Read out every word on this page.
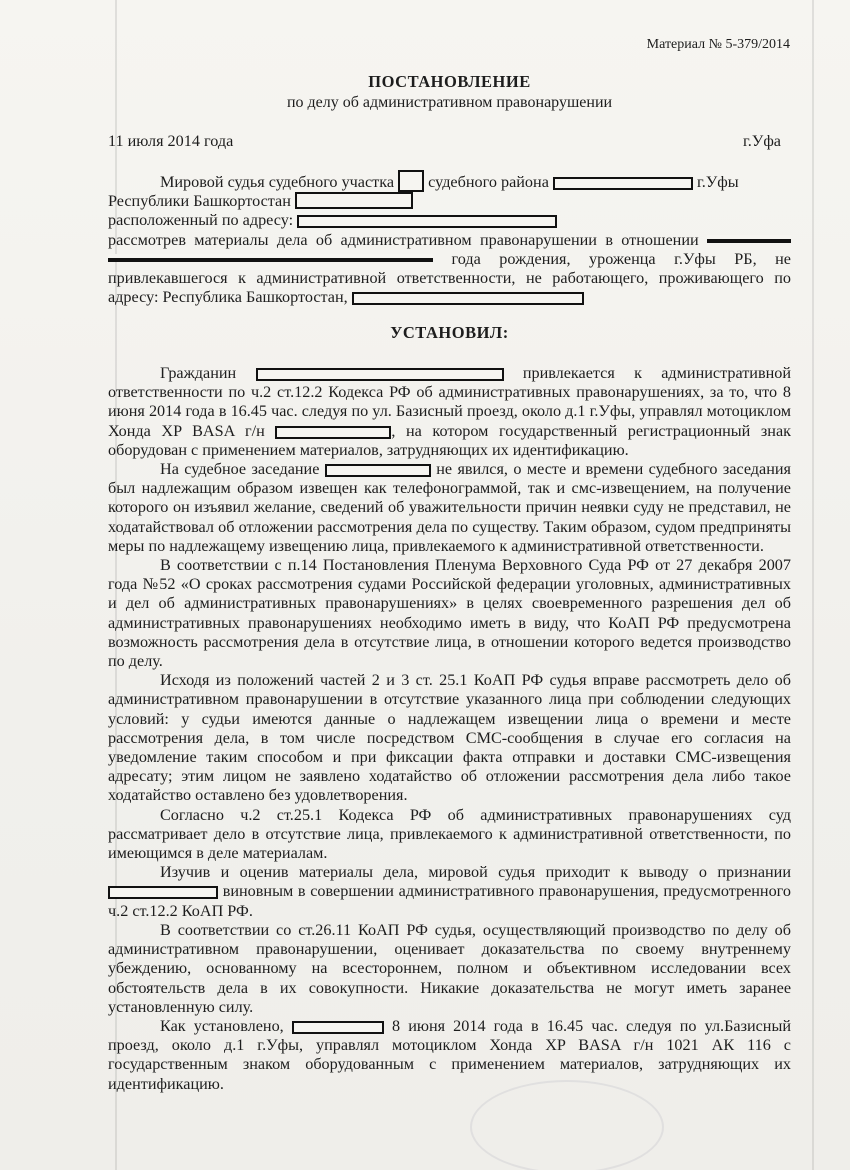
Материал № 5-379/2014
ПОСТАНОВЛЕНИЕ
по делу об административном правонарушении
11 июля 2014 года	г.Уфа

Мировой судья судебного участка судебного района	г.Уфы

Республики Башкортостан

расположенный по адресу:

рассмотрев материалы дела об административном правонарушении в отношении   года рождения, уроженца г.Уфы РБ, не привлекавшегося к административной ответственности, не работающего, проживающего по адресу: Республика Башкортостан,

УСТАНОВИЛ:

Гражданин	привлекается к административной ответственности по ч.2 ст.12.2 Кодекса РФ об административных правонарушениях, за то, что 8 июня 2014 года в 16.45 час. следуя по ул. Базисный проезд, около д.1 г.Уфы, управлял мотоциклом Хонда XP BASA г/н	, на котором государственный регистрационный знак оборудован с применением материалов, затрудняющих их идентификацию.

На судебное заседание	не явился, о месте и времени судебного заседания был надлежащим образом извещен как телефонограммой, так и смс-извещением, на получение которого он изъявил желание, сведений об уважительности причин неявки суду не представил, не ходатайствовал об отложении рассмотрения дела по существу. Таким образом, судом предприняты меры по надлежащему извещению лица, привлекаемого к административной ответственности.

В соответствии с п.14 Постановления Пленума Верховного Суда РФ от 27 декабря 2007 года №52 «О сроках рассмотрения судами Российской федерации уголовных, административных и дел об административных правонарушениях» в целях своевременного разрешения дел об административных правонарушениях необходимо иметь в виду, что КоАП РФ предусмотрена возможность рассмотрения дела в отсутствие лица, в отношении которого ведется производство по делу.

Исходя из положений частей 2 и 3 ст. 25.1 КоАП РФ судья вправе рассмотреть дело об административном правонарушении в отсутствие указанного лица при соблюдении следующих условий: у судьи имеются данные о надлежащем извещении лица о времени и месте рассмотрения дела, в том числе посредством СМС-сообщения в случае его согласия на уведомление таким способом и при фиксации факта отправки и доставки СМС-извещения адресату; этим лицом не заявлено ходатайство об отложении рассмотрения дела либо такое ходатайство оставлено без удовлетворения.

Согласно ч.2 ст.25.1 Кодекса РФ об административных правонарушениях суд рассматривает дело в отсутствие лица, привлекаемого к административной ответственности, по имеющимся в деле материалам.

Изучив и оценив материалы дела, мировой судья приходит к выводу о признании  виновным в совершении административного правонарушения, предусмотренного ч.2 ст.12.2 КоАП РФ.

В соответствии со ст.26.11 КоАП РФ судья, осуществляющий производство по делу об административном правонарушении, оценивает доказательства по своему внутреннему убеждению, основанному на всестороннем, полном и объективном исследовании всех обстоятельств дела в их совокупности. Никакие доказательства не могут иметь заранее установленную силу.

Как установлено,	8 июня 2014 года в 16.45 час. следуя по ул.Базисный проезд, около д.1 г.Уфы, управлял мотоциклом Хонда XP BASA г/н 1021 АК 116 с государственным знаком оборудованным с применением материалов, затрудняющих их идентификацию.
